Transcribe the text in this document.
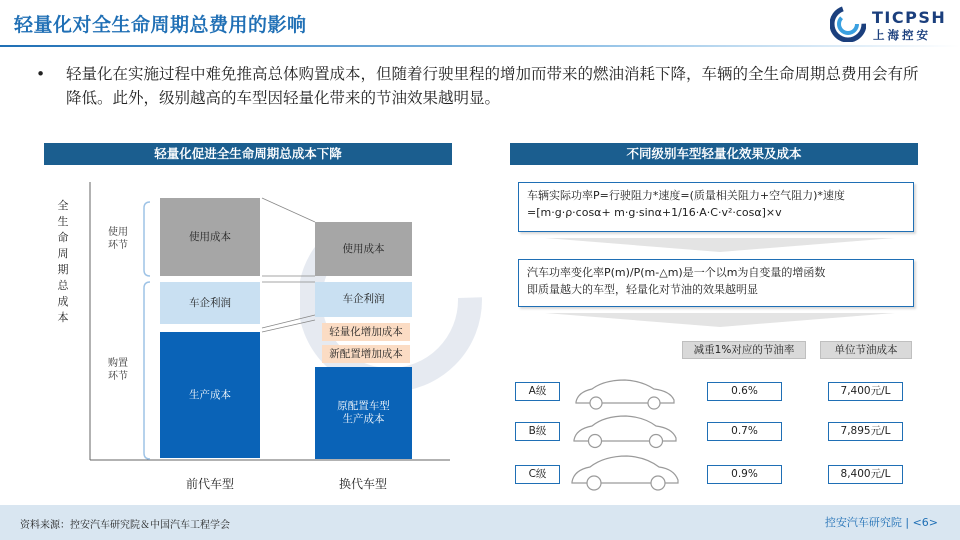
轻量化对全生命周期总费用的影响	TICPSH
上海控安
•	轻量化在实施过程中难免推高总体购置成本，但随着行驶里程的增加而带来的燃油消耗下降，车辆的全生命周期总费用会有所降低。此外，级别越高的车型因轻量化带来的节油效果越明显。
轻量化促进全生命周期总成本下降
全
生
命
周
期
总
成
本
使用
环节
购置
环节
使用成本
车企利润
生产成本
使用成本
车企利润
轻量化增加成本
新配置增加成本
原配置车型
生产成本
前代车型	换代车型
不同级别车型轻量化效果及成本
车辆实际功率P=行驶阻力*速度=(质量相关阻力+空气阻力)*速度
=[m·g·ρ·cosα+ m·g·sinα+1/16·A·C·v²·cosα]×v
汽车功率变化率P(m)/P(m-△m)是一个以m为自变量的增函数
即质量越大的车型，轻量化对节油的效果越明显
减重1%对应的节油率	单位节油成本
A级	0.6%	7,400元/L
B级	0.7%	7,895元/L
C级	0.9%	8,400元/L
资料来源：控安汽车研究院＆中国汽车工程学会	控安汽车研究院 | <6>
